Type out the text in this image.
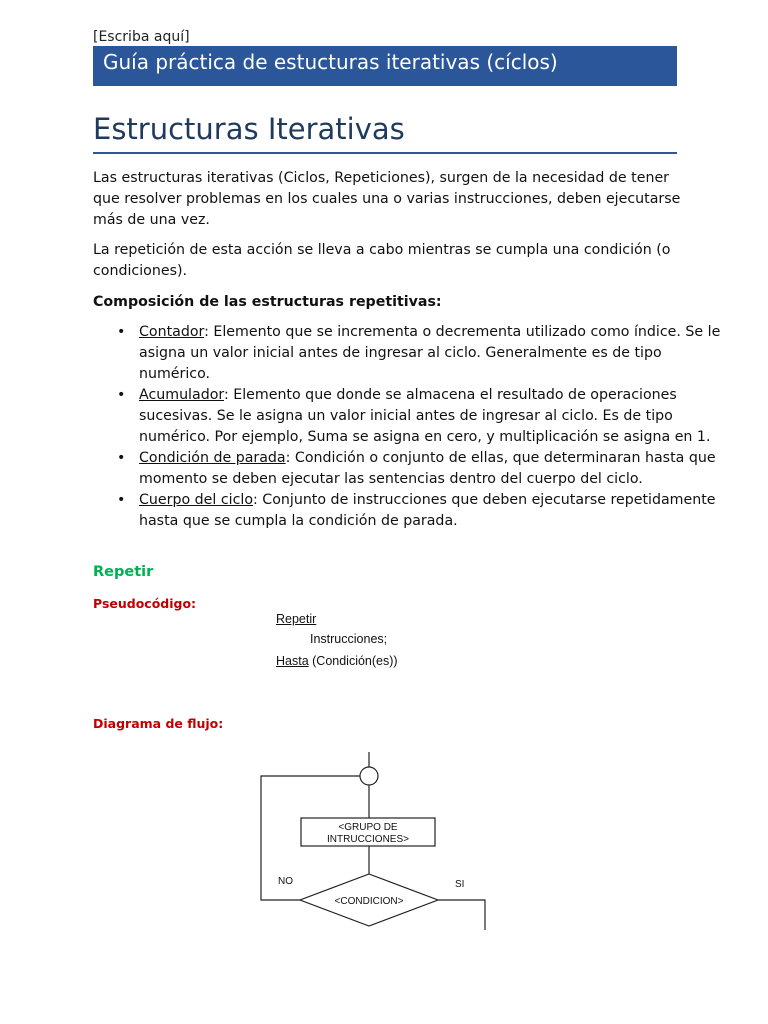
[Escriba aquí]
Guía práctica de estucturas iterativas (cíclos)
Estructuras Iterativas
Las estructuras iterativas (Ciclos, Repeticiones), surgen de la necesidad de tener que resolver problemas en los cuales una o varias instrucciones, deben ejecutarse más de una vez.
La repetición de esta acción se lleva a cabo mientras se cumpla una condición (o condiciones).
Composición de las estructuras repetitivas:
• Contador: Elemento que se incrementa o decrementa utilizado como índice. Se le asigna un valor inicial antes de ingresar al ciclo. Generalmente es de tipo numérico.
• Acumulador: Elemento que donde se almacena el resultado de operaciones sucesivas. Se le asigna un valor inicial antes de ingresar al ciclo. Es de tipo numérico. Por ejemplo, Suma se asigna en cero, y multiplicación se asigna en 1.
• Condición de parada: Condición o conjunto de ellas, que determinaran hasta que momento se deben ejecutar las sentencias dentro del cuerpo del ciclo.
• Cuerpo del ciclo: Conjunto de instrucciones que deben ejecutarse repetidamente hasta que se cumpla la condición de parada.
Repetir
Pseudocódigo:
Repetir
Instrucciones;
Hasta (Condición(es))
Diagrama de flujo:
<GRUPO DE
INTRUCCIONES>
<CONDICION>
NO	SI
